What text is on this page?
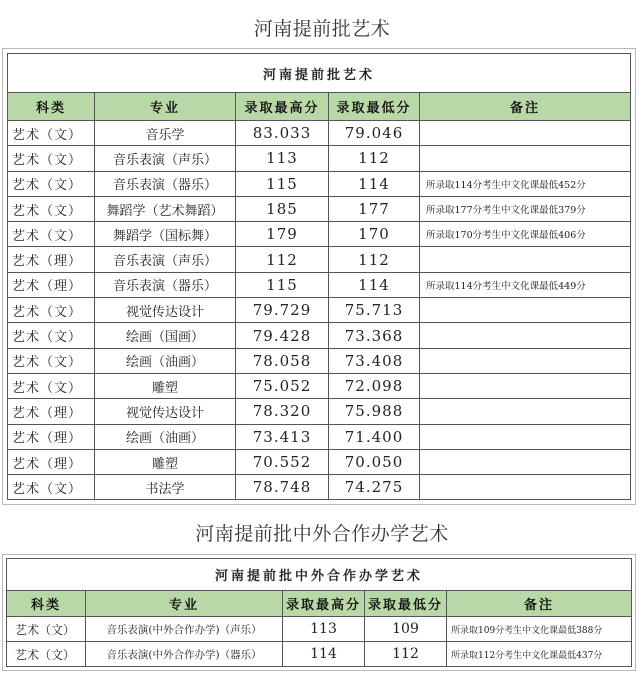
河南提前批艺术
河南提前批艺术				
科类	专业	录取最高分	录取最低分	备注
艺术（文）	音乐学	83.033	79.046	
艺术（文）	音乐表演（声乐）	113	112	
艺术（文）	音乐表演（器乐）	115	114	所录取114分考生中文化课最低452分
艺术（文）	舞蹈学（艺术舞蹈）	185	177	所录取177分考生中文化课最低379分
艺术（文）	舞蹈学（国标舞）	179	170	所录取170分考生中文化课最低406分
艺术（理）	音乐表演（声乐）	112	112	
艺术（理）	音乐表演（器乐）	115	114	所录取114分考生中文化课最低449分
艺术（文）	视觉传达设计	79.729	75.713	
艺术（文）	绘画（国画）	79.428	73.368	
艺术（文）	绘画（油画）	78.058	73.408	
艺术（文）	雕塑	75.052	72.098	
艺术（理）	视觉传达设计	78.320	75.988	
艺术（理）	绘画（油画）	73.413	71.400	
艺术（理）	雕塑	70.552	70.050	
艺术（文）	书法学	78.748	74.275	
河南提前批中外合作办学艺术
河南提前批中外合作办学艺术				
科类	专业	录取最高分	录取最低分	备注
艺术（文）	音乐表演(中外合作办学)（声乐）	113	109	所录取109分考生中文化课最低388分
艺术（文）	音乐表演(中外合作办学)（器乐）	114	112	所录取112分考生中文化课最低437分
